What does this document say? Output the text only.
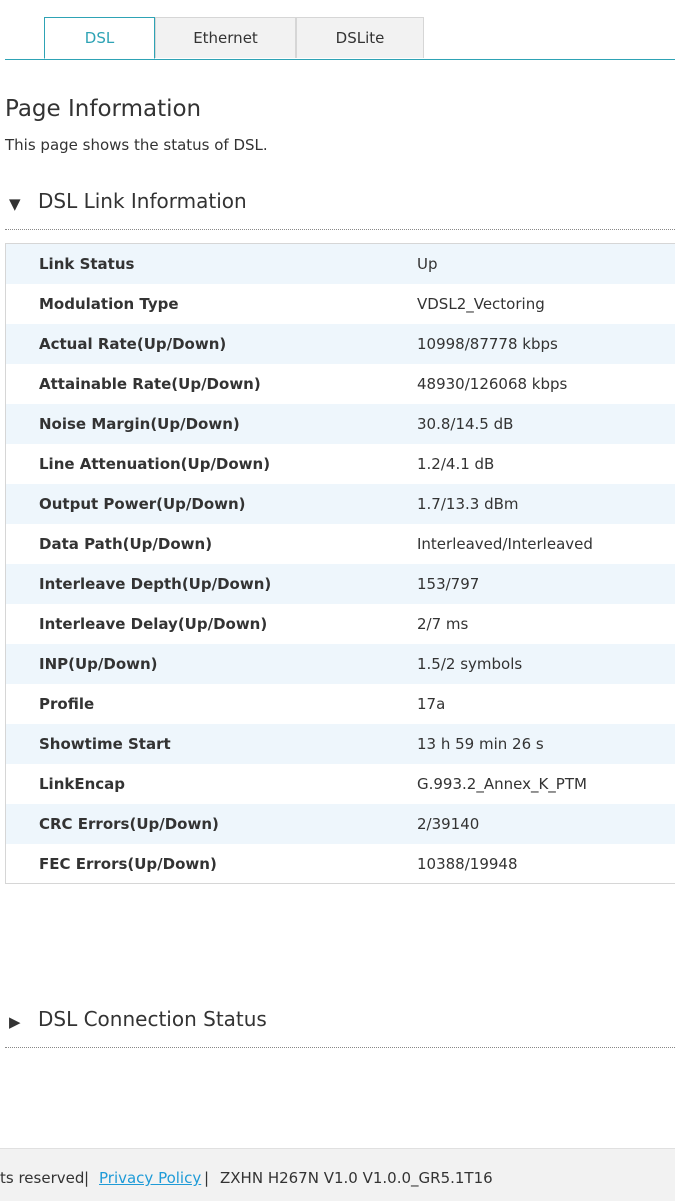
DSL	Ethernet	DSLite
Page Information

This page shows the status of DSL.

▼ DSL Link Information
Link Status	Up
Modulation Type	VDSL2_Vectoring
Actual Rate(Up/Down)	10998/87778 kbps
Attainable Rate(Up/Down)	48930/126068 kbps
Noise Margin(Up/Down)	30.8/14.5 dB
Line Attenuation(Up/Down)	1.2/4.1 dB
Output Power(Up/Down)	1.7/13.3 dBm
Data Path(Up/Down)	Interleaved/Interleaved
Interleave Depth(Up/Down)	153/797
Interleave Delay(Up/Down)	2/7 ms
INP(Up/Down)	1.5/2 symbols
Profile	17a
Showtime Start	13 h 59 min 26 s
LinkEncap	G.993.2_Annex_K_PTM
CRC Errors(Up/Down)	2/39140
FEC Errors(Up/Down)	10388/19948
▶ DSL Connection Status
ts reserved | Privacy Policy | ZXHN H267N V1.0 V1.0.0_GR5.1T16
